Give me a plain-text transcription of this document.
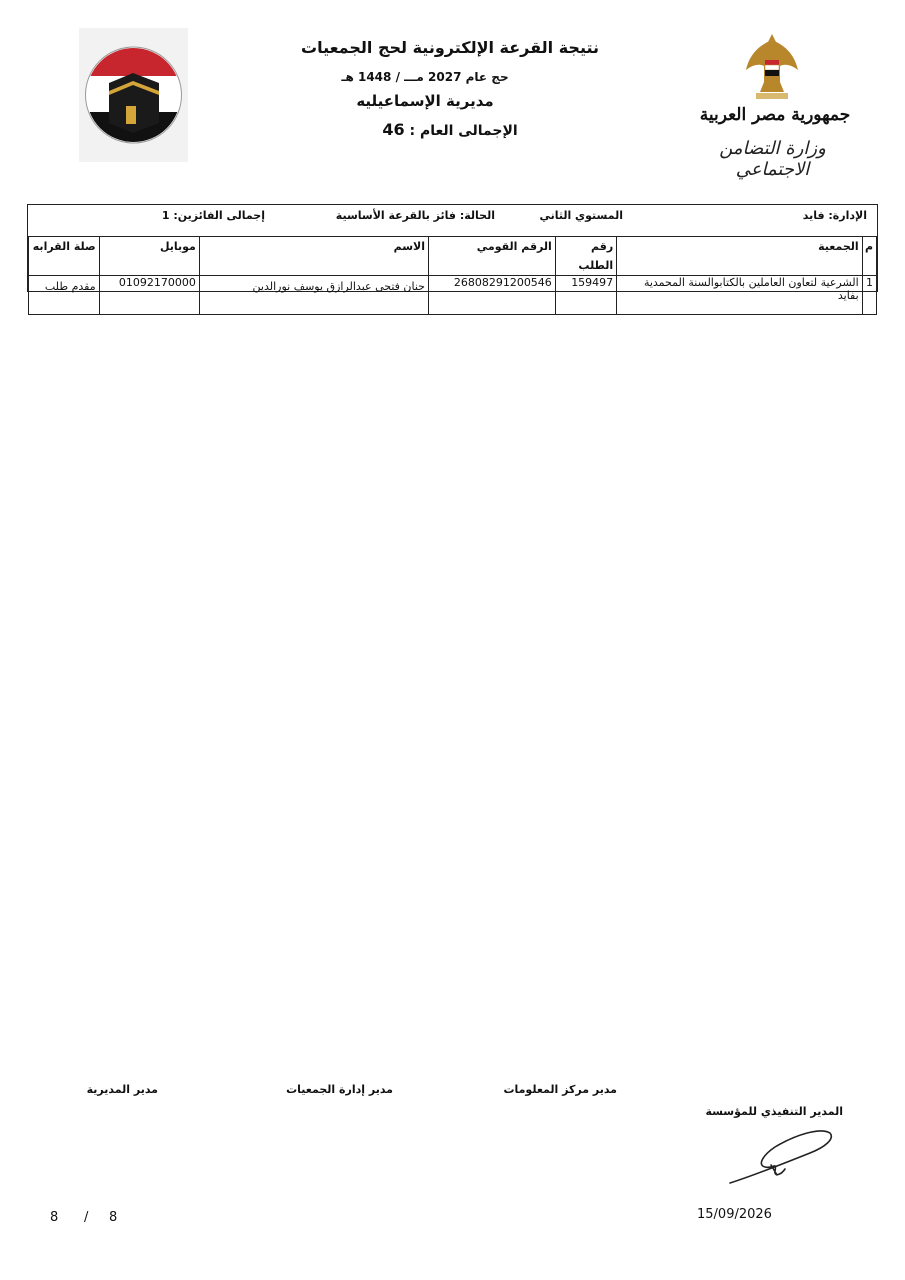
نتيجة القرعة الإلكترونية لحج الجمعيات
حج عام 2027 مـــ / 1448 هـ
مديرية الإسماعيليه
الإجمالى العام : 46
جمهورية مصر العربية
وزارة التضامن الاجتماعي
الإدارة: فايد
المستوي الثاني
الحالة: فائز بالقرعة الأساسية
إجمالى الفائزين: 1
م	الجمعية	رقم الطلب	الرقم القومي	الاسم	موبايل	صلة القرابه
1	الشرعية لتعاون العاملين بالكتابوالسنة المحمدية بفايد	159497	26808291200546	حنان فتحى عبدالرازق يوسف نورالدين	01092170000	مقدم طلب
مدير مركز المعلومات
مدير إدارة الجمعيات
مدير المديرية
المدير التنفيذي للمؤسسة
15/09/2026
8 / 8
